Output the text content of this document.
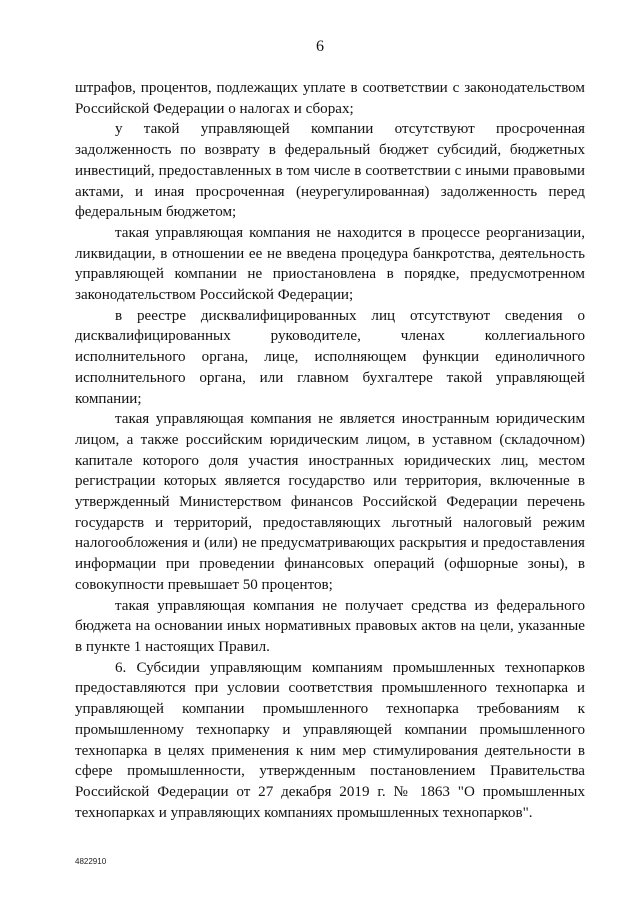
6

штрафов, процентов, подлежащих уплате в соответствии с законодательством Российской Федерации о налогах и сборах;

у такой управляющей компании отсутствуют просроченная задолженность по возврату в федеральный бюджет субсидий, бюджетных инвестиций, предоставленных в том числе в соответствии с иными правовыми актами, и иная просроченная (неурегулированная) задолженность перед федеральным бюджетом;

такая управляющая компания не находится в процессе реорганизации, ликвидации, в отношении ее не введена процедура банкротства, деятельность управляющей компании не приостановлена в порядке, предусмотренном законодательством Российской Федерации;

в реестре дисквалифицированных лиц отсутствуют сведения о дисквалифицированных руководителе, членах коллегиального исполнительного органа, лице, исполняющем функции единоличного исполнительного органа, или главном бухгалтере такой управляющей компании;

такая управляющая компания не является иностранным юридическим лицом, а также российским юридическим лицом, в уставном (складочном) капитале которого доля участия иностранных юридических лиц, местом регистрации которых является государство или территория, включенные в утвержденный Министерством финансов Российской Федерации перечень государств и территорий, предоставляющих льготный налоговый режим налогообложения и (или) не предусматривающих раскрытия и предоставления информации при проведении финансовых операций (офшорные зоны), в совокупности превышает 50 процентов;

такая управляющая компания не получает средства из федерального бюджета на основании иных нормативных правовых актов на цели, указанные в пункте 1 настоящих Правил.

6. Субсидии управляющим компаниям промышленных технопарков предоставляются при условии соответствия промышленного технопарка и управляющей компании промышленного технопарка требованиям к промышленному технопарку и управляющей компании промышленного технопарка в целях применения к ним мер стимулирования деятельности в сфере промышленности, утвержденным постановлением Правительства Российской Федерации от 27 декабря 2019 г. № 1863 "О промышленных технопарках и управляющих компаниях промышленных технопарков".

4822910
